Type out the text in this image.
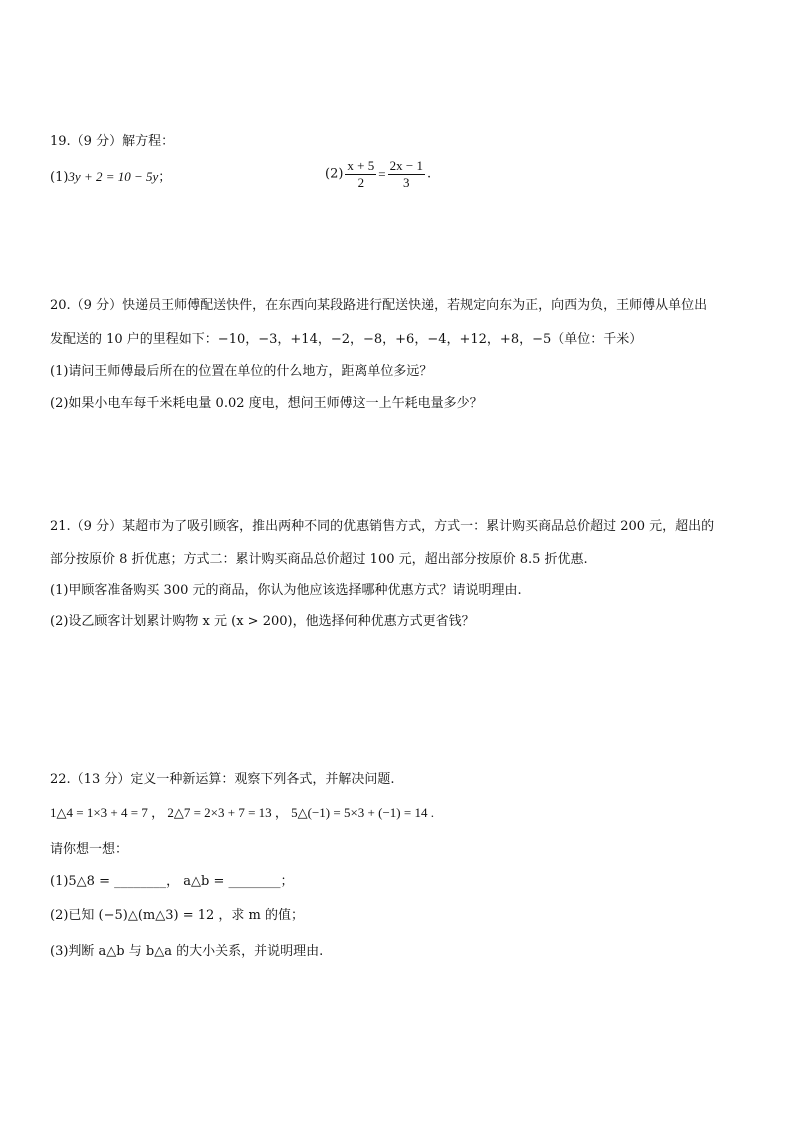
19.（9 分）解方程：
(1)3y + 2 = 10 − 5y；	$(2) \frac{x + 5}{2} = \frac{2x - 1}{3}$ .
20.（9 分）快递员王师傅配送快件，在东西向某段路进行配送快递，若规定向东为正，向西为负，王师傅从单位出
发配送的 10 户的里程如下：−10，−3，+14，−2，−8，+6，−4，+12，+8，−5（单位：千米）
(1)请问王师傅最后所在的位置在单位的什么地方，距离单位多远？
(2)如果小电车每千米耗电量 0.02 度电，想问王师傅这一上午耗电量多少？
21.（9 分）某超市为了吸引顾客，推出两种不同的优惠销售方式，方式一：累计购买商品总价超过 200 元，超出的
部分按原价 8 折优惠；方式二：累计购买商品总价超过 100 元，超出部分按原价 8.5 折优惠.
(1)甲顾客准备购买 300 元的商品，你认为他应该选择哪种优惠方式？请说明理由.
(2)设乙顾客计划累计购物 x 元 (x > 200)，他选择何种优惠方式更省钱？
22.（13 分）定义一种新运算：观察下列各式，并解决问题.
1△4 = 1×3 + 4 = 7 ， 2△7 = 2×3 + 7 = 13 ， 5△(−1) = 5×3 + (−1) = 14 .
请你想一想：
(1)5△8 = ________， a△b = ________；
(2)已知 (−5)△(m△3) = 12 ，求 m 的值；
(3)判断 a△b 与 b△a 的大小关系，并说明理由.
